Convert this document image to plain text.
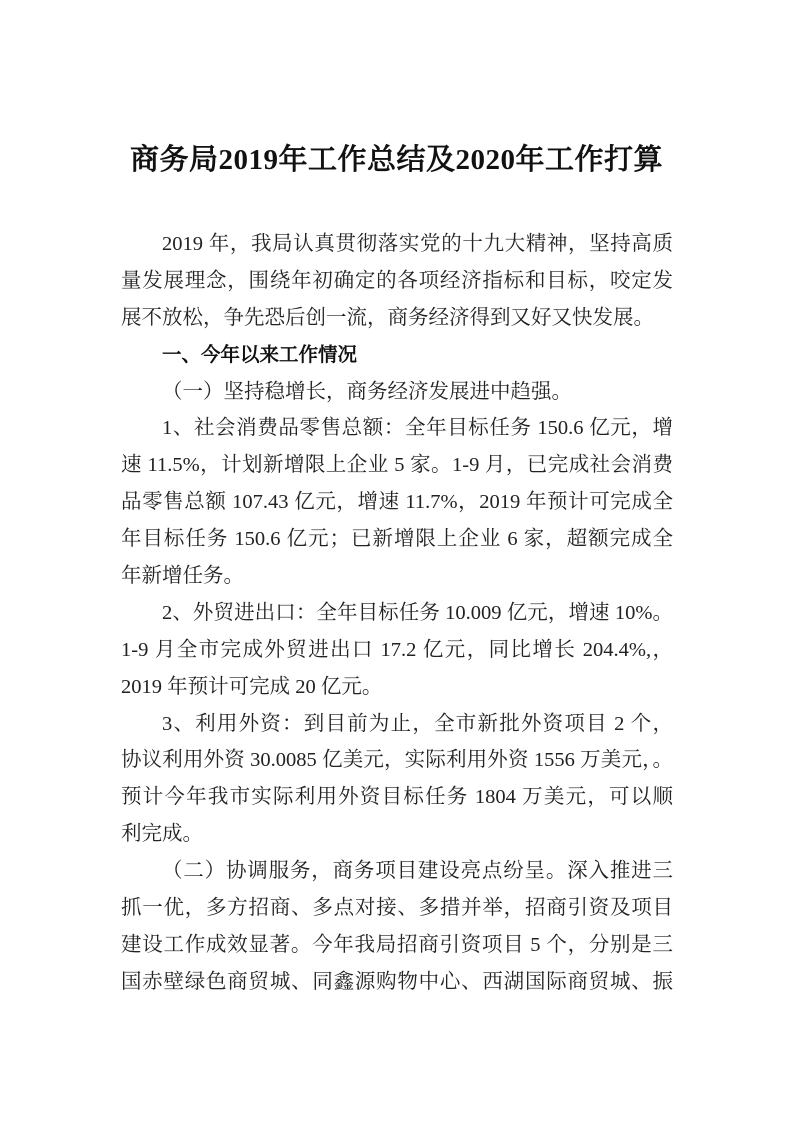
商务局2019年工作总结及2020年工作打算
2019 年，我局认真贯彻落实党的十九大精神，坚持高质
量发展理念，围绕年初确定的各项经济指标和目标，咬定发
展不放松，争先恐后创一流，商务经济得到又好又快发展。
一、今年以来工作情况
（一）坚持稳增长，商务经济发展进中趋强。
1、社会消费品零售总额：全年目标任务 150.6 亿元，增
速 11.5%，计划新增限上企业 5 家。1-9 月，已完成社会消费
品零售总额 107.43 亿元，增速 11.7%，2019 年预计可完成全
年目标任务 150.6 亿元；已新增限上企业 6 家，超额完成全
年新增任务。
2、外贸进出口：全年目标任务 10.009 亿元，增速 10%。
1-9 月全市完成外贸进出口 17.2 亿元，同比增长 204.4%,，
2019 年预计可完成 20 亿元。
3、利用外资：到目前为止，全市新批外资项目 2 个，
协议利用外资 30.0085 亿美元，实际利用外资 1556 万美元，。
预计今年我市实际利用外资目标任务 1804 万美元，可以顺
利完成。
（二）协调服务，商务项目建设亮点纷呈。深入推进三
抓一优，多方招商、多点对接、多措并举，招商引资及项目
建设工作成效显著。今年我局招商引资项目 5 个，分别是三
国赤壁绿色商贸城、同鑫源购物中心、西湖国际商贸城、振
